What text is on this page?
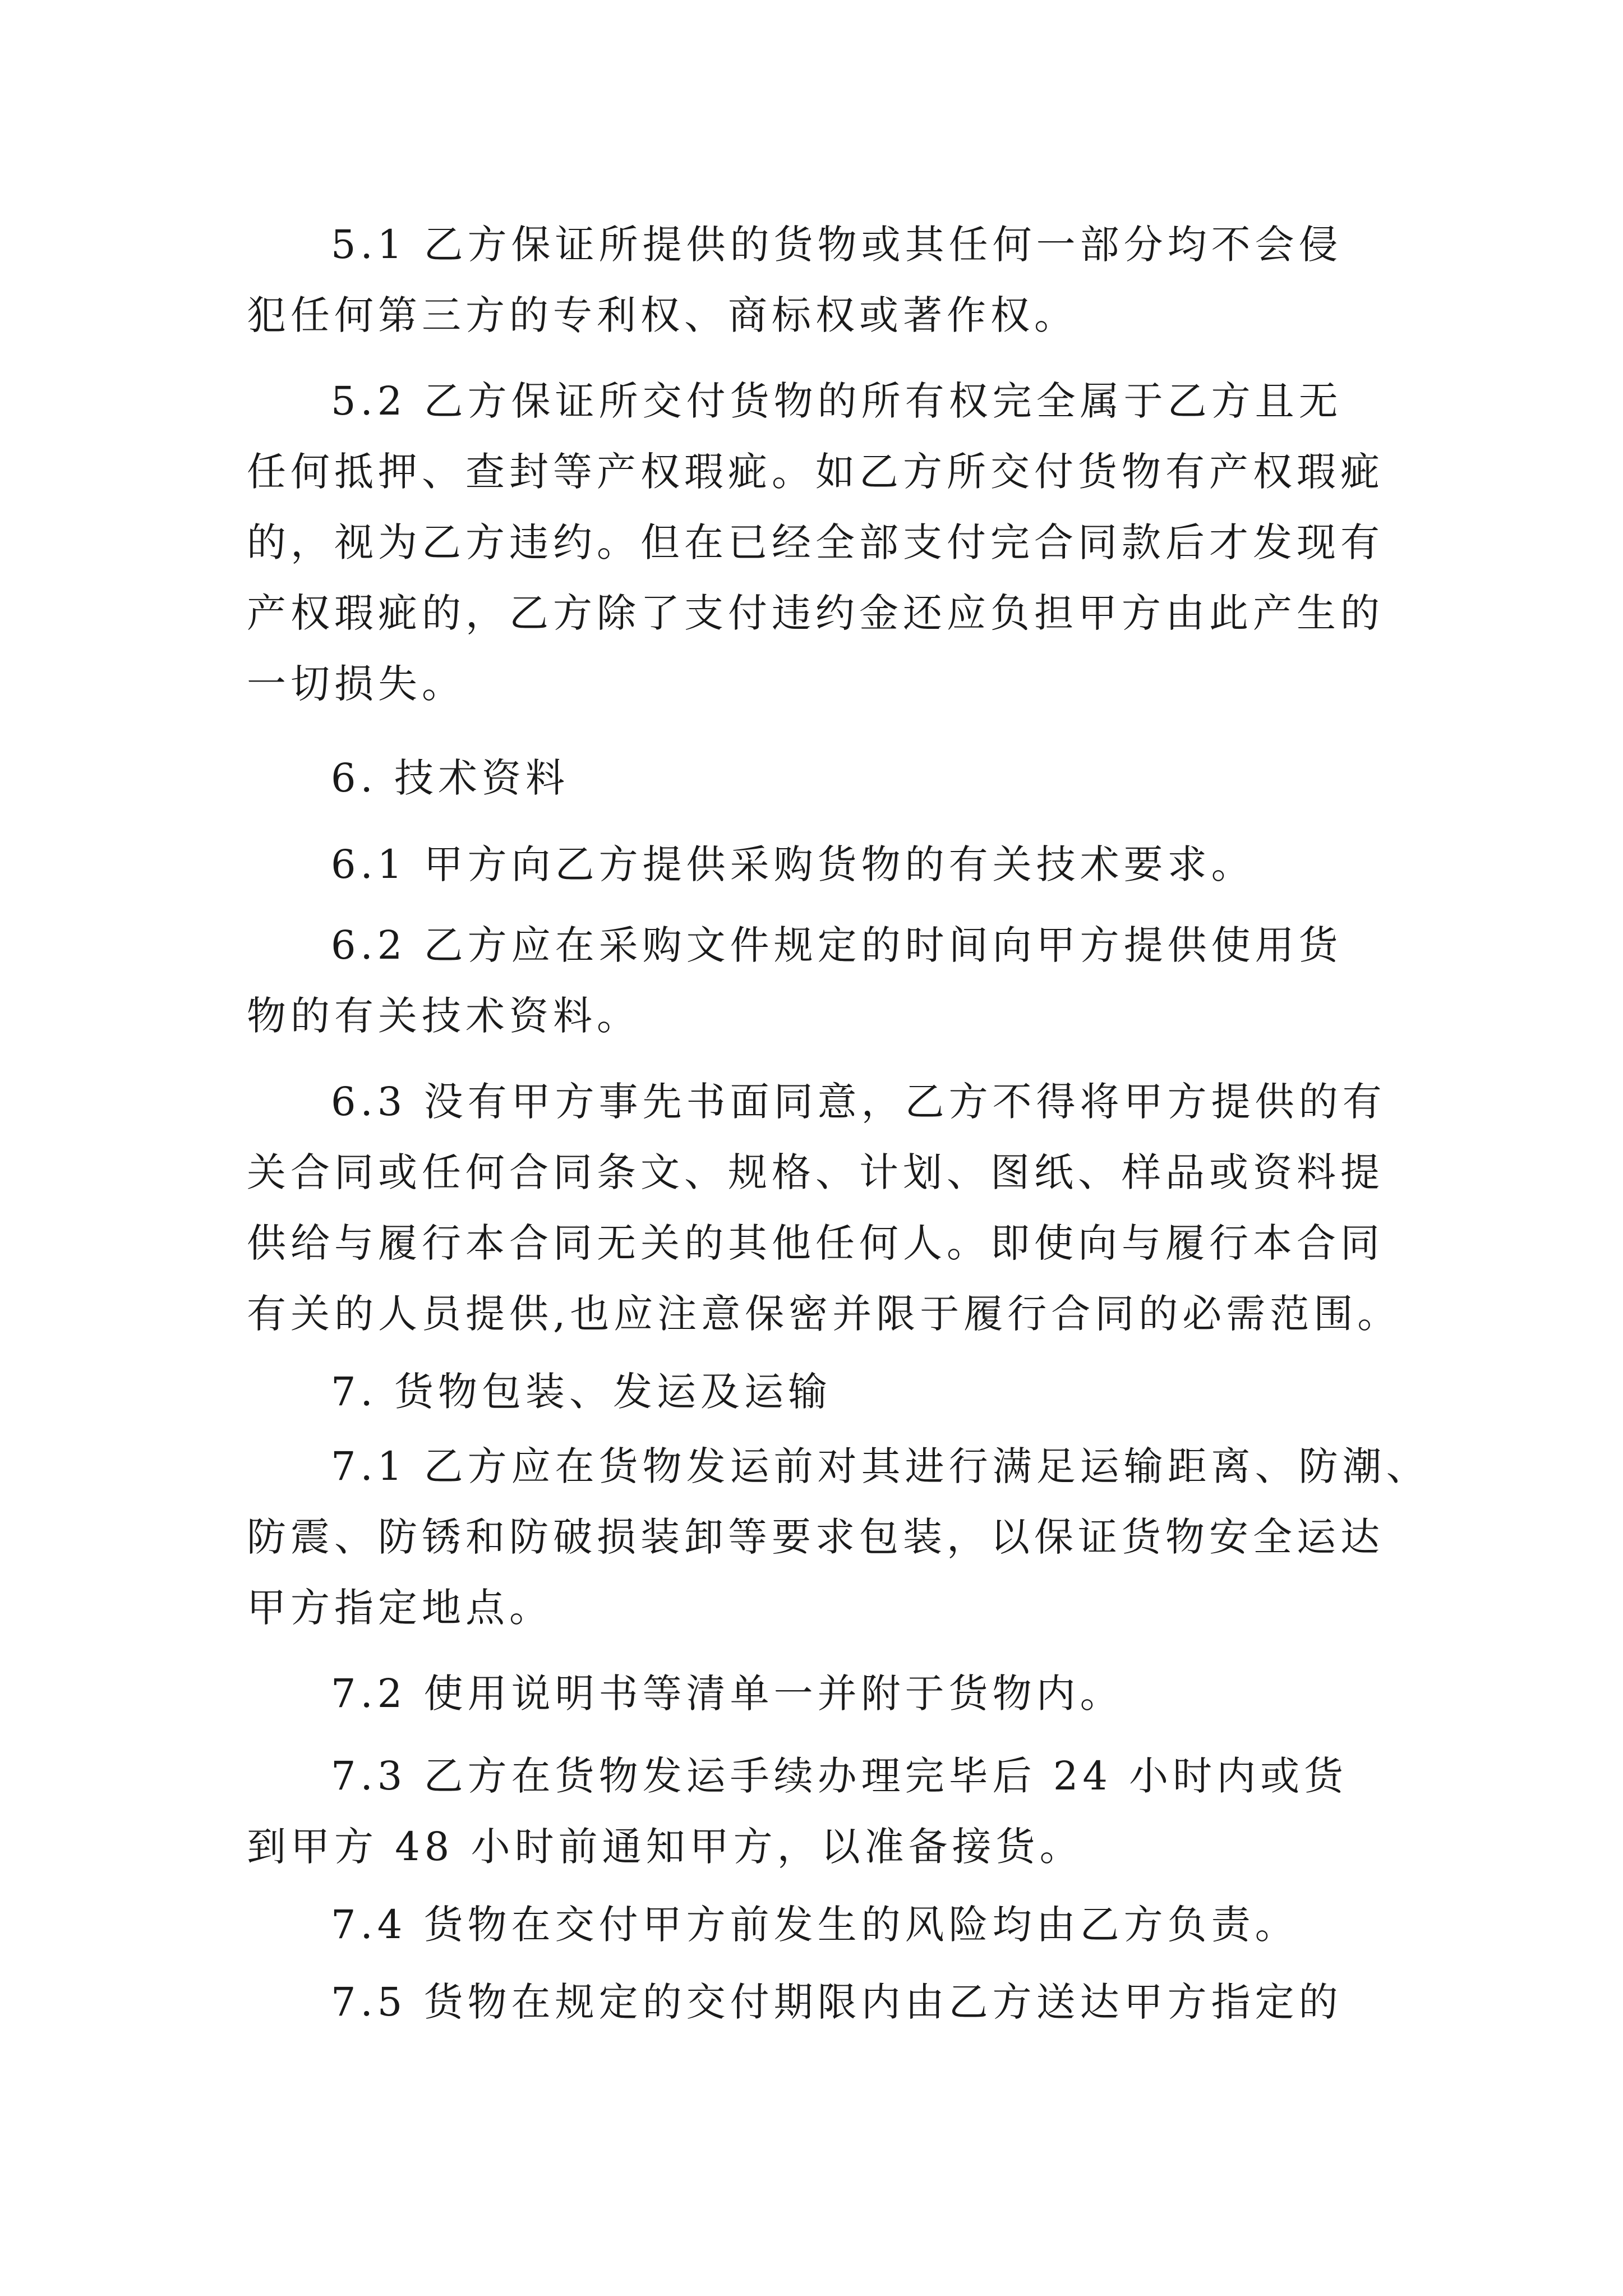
5.1 乙方保证所提供的货物或其任何一部分均不会侵
犯任何第三方的专利权、商标权或著作权。
5.2 乙方保证所交付货物的所有权完全属于乙方且无
任何抵押、查封等产权瑕疵。如乙方所交付货物有产权瑕疵
的，视为乙方违约。但在已经全部支付完合同款后才发现有
产权瑕疵的，乙方除了支付违约金还应负担甲方由此产生的
一切损失。
6. 技术资料
6.1 甲方向乙方提供采购货物的有关技术要求。
6.2 乙方应在采购文件规定的时间向甲方提供使用货
物的有关技术资料。
6.3 没有甲方事先书面同意，乙方不得将甲方提供的有
关合同或任何合同条文、规格、计划、图纸、样品或资料提
供给与履行本合同无关的其他任何人。即使向与履行本合同
有关的人员提供,也应注意保密并限于履行合同的必需范围。
7. 货物包装、发运及运输
7.1 乙方应在货物发运前对其进行满足运输距离、防潮、
防震、防锈和防破损装卸等要求包装，以保证货物安全运达
甲方指定地点。
7.2 使用说明书等清单一并附于货物内。
7.3 乙方在货物发运手续办理完毕后 24 小时内或货
到甲方 48 小时前通知甲方，以准备接货。
7.4 货物在交付甲方前发生的风险均由乙方负责。
7.5 货物在规定的交付期限内由乙方送达甲方指定的
